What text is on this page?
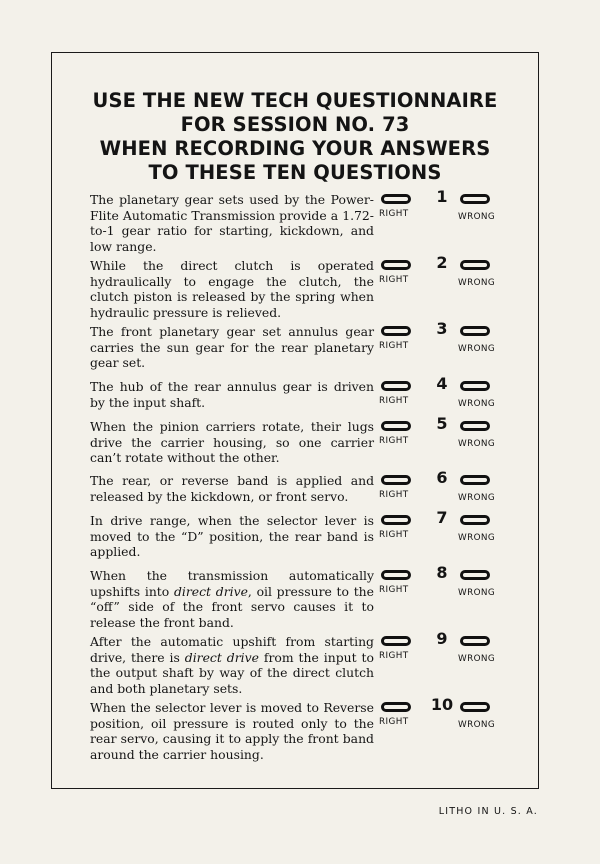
USE THE NEW TECH QUESTIONNAIRE
FOR SESSION NO. 73
WHEN RECORDING YOUR ANSWERS
TO THESE TEN QUESTIONS
The planetary gear sets used by the Power-Flite Automatic Transmission provide a 1.72-to-1 gear ratio for starting, kickdown, and low range.
1
RIGHT	WRONG
While the direct clutch is operated hydraulically to engage the clutch, the clutch piston is released by the spring when hydraulic pressure is relieved.
2
RIGHT	WRONG
The front planetary gear set annulus gear carries the sun gear for the rear planetary gear set.
3
RIGHT	WRONG
The hub of the rear annulus gear is driven by the input shaft.
4
RIGHT	WRONG
When the pinion carriers rotate, their lugs drive the carrier housing, so one carrier can’t rotate without the other.
5
RIGHT	WRONG
The rear, or reverse band is applied and released by the kickdown, or front servo.
6
RIGHT	WRONG
In drive range, when the selector lever is moved to the “D” position, the rear band is applied.
7
RIGHT	WRONG
When the transmission automatically upshifts into direct drive, oil pressure to the “off” side of the front servo causes it to release the front band.
8
RIGHT	WRONG
After the automatic upshift from starting drive, there is direct drive from the input to the output shaft by way of the direct clutch and both planetary sets.
9
RIGHT	WRONG
When the selector lever is moved to Reverse position, oil pressure is routed only to the rear servo, causing it to apply the front band around the carrier housing.
10
RIGHT	WRONG
LITHO IN U. S. A.
